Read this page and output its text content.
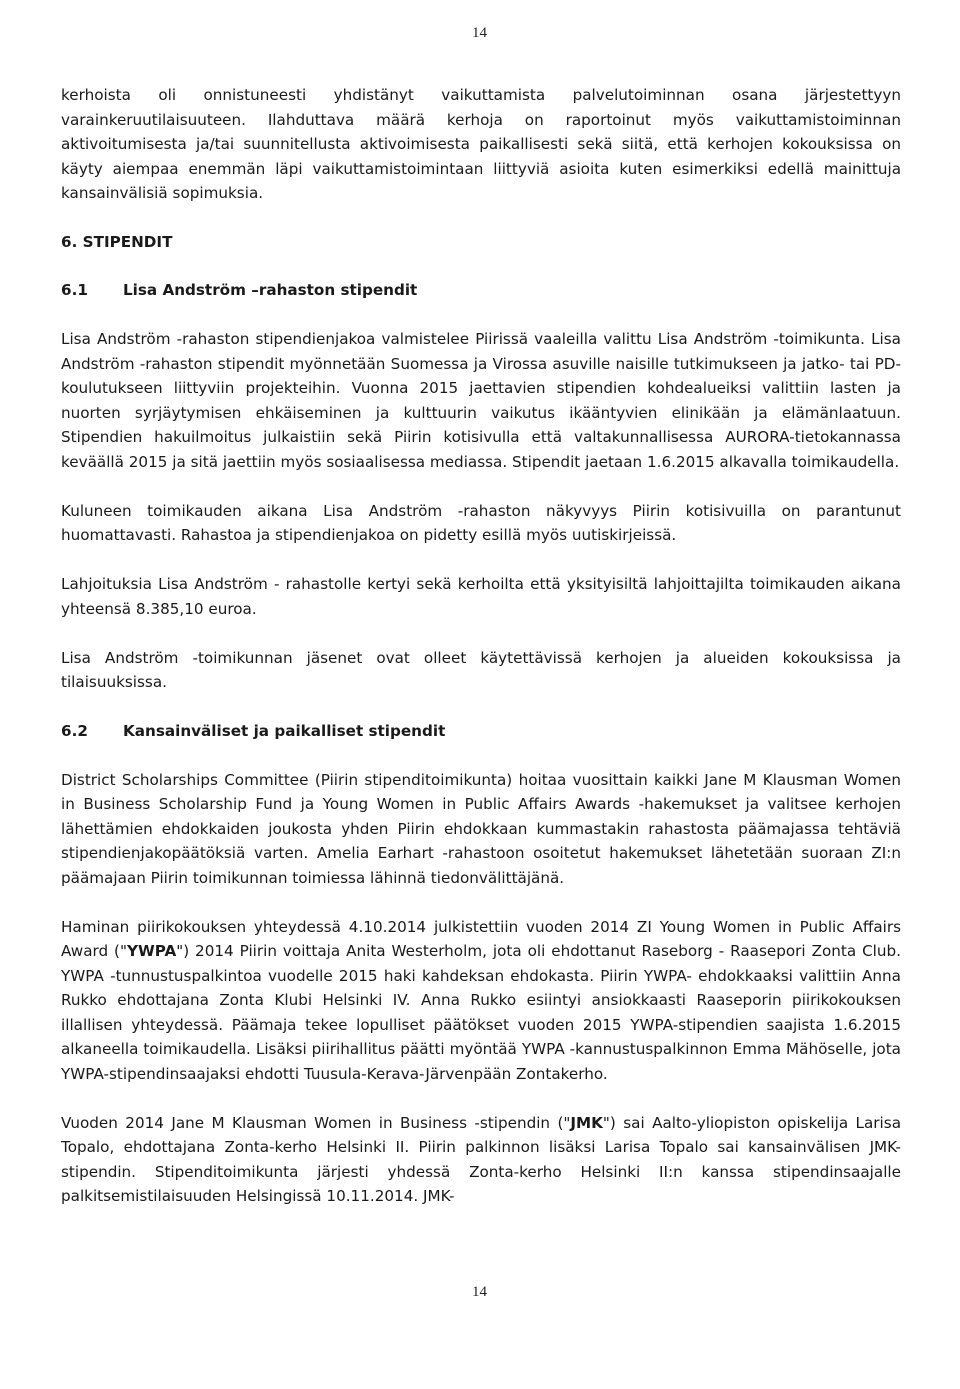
14

kerhoista oli onnistuneesti yhdistänyt vaikuttamista palvelutoiminnan osana järjestettyyn varainkeruutilaisuuteen. Ilahduttava määrä kerhoja on raportoinut myös vaikuttamistoiminnan aktivoitumisesta ja/tai suunnitellusta aktivoimisesta paikallisesti sekä siitä, että kerhojen kokouksissa on käyty aiempaa enemmän läpi vaikuttamistoimintaan liittyviä asioita kuten esimerkiksi edellä mainittuja kansainvälisiä sopimuksia.

6. STIPENDIT
6.1	Lisa Andström –rahaston stipendit

Lisa Andström -rahaston stipendienjakoa valmistelee Piirissä vaaleilla valittu Lisa Andström -toimikunta. Lisa Andström -rahaston stipendit myönnetään Suomessa ja Virossa asuville naisille tutkimukseen ja jatko- tai PD- koulutukseen liittyviin projekteihin. Vuonna 2015 jaettavien stipendien kohdealueiksi valittiin lasten ja nuorten syrjäytymisen ehkäiseminen ja kulttuurin vaikutus ikääntyvien elinikään ja elämänlaatuun. Stipendien hakuilmoitus julkaistiin sekä Piirin kotisivulla että valtakunnallisessa AURORA-tietokannassa keväällä 2015 ja sitä jaettiin myös sosiaalisessa mediassa. Stipendit jaetaan 1.6.2015 alkavalla toimikaudella.

Kuluneen toimikauden aikana Lisa Andström -rahaston näkyvyys Piirin kotisivuilla on parantunut huomattavasti. Rahastoa ja stipendienjakoa on pidetty esillä myös uutiskirjeissä.

Lahjoituksia Lisa Andström - rahastolle kertyi sekä kerhoilta että yksityisiltä lahjoittajilta toimikauden aikana yhteensä 8.385,10 euroa.

Lisa Andström -toimikunnan jäsenet ovat olleet käytettävissä kerhojen ja alueiden kokouksissa ja tilaisuuksissa.

6.2	Kansainväliset ja paikalliset stipendit

District Scholarships Committee (Piirin stipenditoimikunta) hoitaa vuosittain kaikki Jane M Klausman Women in Business Scholarship Fund ja Young Women in Public Affairs Awards -hakemukset ja valitsee kerhojen lähettämien ehdokkaiden joukosta yhden Piirin ehdokkaan kummastakin rahastosta päämajassa tehtäviä stipendienjakopäätöksiä varten. Amelia Earhart -rahastoon osoitetut hakemukset lähetetään suoraan ZI:n päämajaan Piirin toimikunnan toimiessa lähinnä tiedonvälittäjänä.

Haminan piirikokouksen yhteydessä 4.10.2014 julkistettiin vuoden 2014 ZI Young Women in Public Affairs Award ("YWPA") 2014 Piirin voittaja Anita Westerholm, jota oli ehdottanut Raseborg - Raasepori Zonta Club. YWPA -tunnustuspalkintoa vuodelle 2015 haki kahdeksan ehdokasta. Piirin YWPA- ehdokkaaksi valittiin Anna Rukko ehdottajana Zonta Klubi Helsinki IV. Anna Rukko esiintyi ansiokkaasti Raaseporin piirikokouksen illallisen yhteydessä. Päämaja tekee lopulliset päätökset vuoden 2015 YWPA-stipendien saajista 1.6.2015 alkaneella toimikaudella. Lisäksi piirihallitus päätti myöntää YWPA -kannustuspalkinnon Emma Mähöselle, jota YWPA-stipendinsaajaksi ehdotti Tuusula-Kerava-Järvenpään Zontakerho.

Vuoden 2014 Jane M Klausman Women in Business -stipendin ("JMK") sai Aalto-yliopiston opiskelija Larisa Topalo, ehdottajana Zonta-kerho Helsinki II. Piirin palkinnon lisäksi Larisa Topalo sai kansainvälisen JMK-stipendin. Stipenditoimikunta järjesti yhdessä Zonta-kerho Helsinki II:n kanssa stipendinsaajalle palkitsemistilaisuuden Helsingissä 10.11.2014. JMK-

14
